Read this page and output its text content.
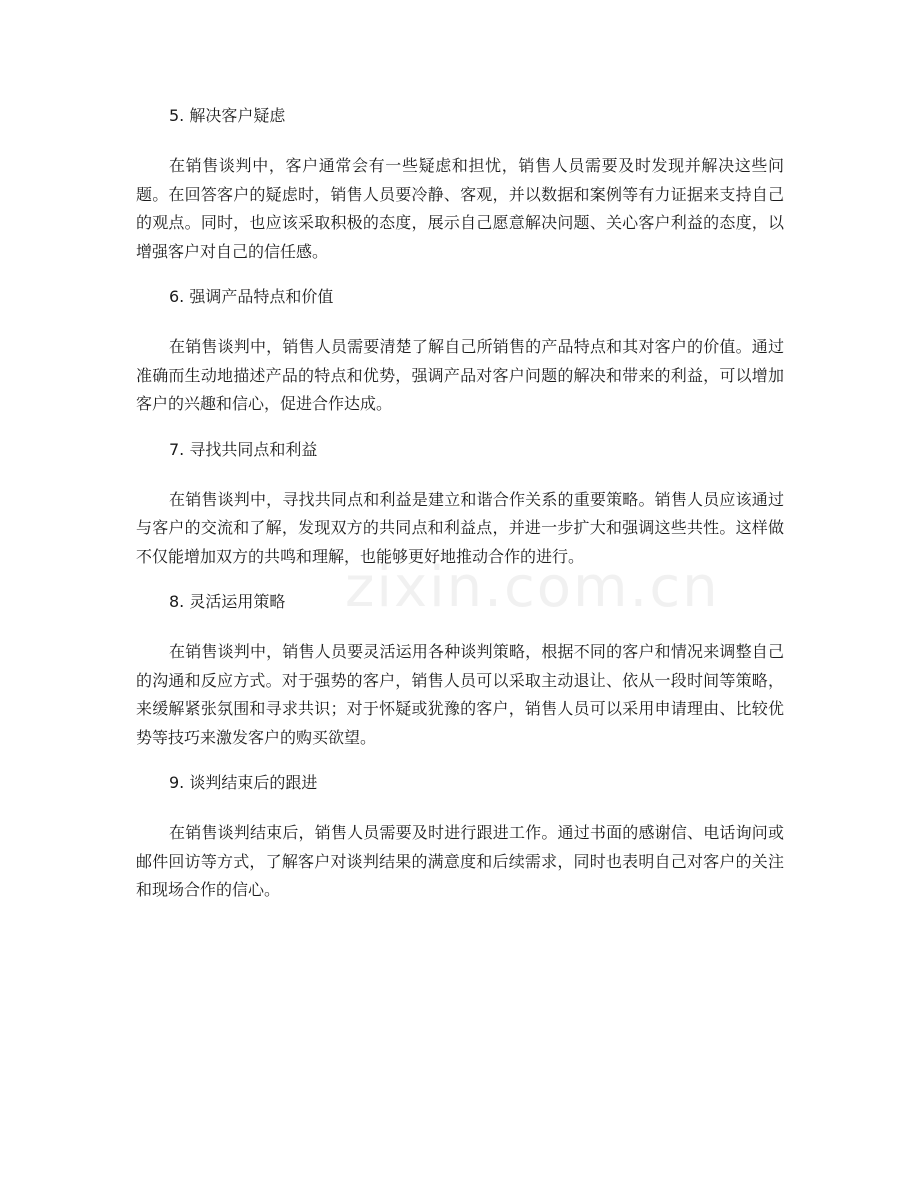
zixin.com.cn

5. 解决客户疑虑

在销售谈判中，客户通常会有一些疑虑和担忧，销售人员需要及时发现并解决这些问题。在回答客户的疑虑时，销售人员要冷静、客观，并以数据和案例等有力证据来支持自己的观点。同时，也应该采取积极的态度，展示自己愿意解决问题、关心客户利益的态度，以增强客户对自己的信任感。

6. 强调产品特点和价值

在销售谈判中，销售人员需要清楚了解自己所销售的产品特点和其对客户的价值。通过准确而生动地描述产品的特点和优势，强调产品对客户问题的解决和带来的利益，可以增加客户的兴趣和信心，促进合作达成。

7. 寻找共同点和利益

在销售谈判中，寻找共同点和利益是建立和谐合作关系的重要策略。销售人员应该通过与客户的交流和了解，发现双方的共同点和利益点，并进一步扩大和强调这些共性。这样做不仅能增加双方的共鸣和理解，也能够更好地推动合作的进行。

8. 灵活运用策略

在销售谈判中，销售人员要灵活运用各种谈判策略，根据不同的客户和情况来调整自己的沟通和反应方式。对于强势的客户，销售人员可以采取主动退让、依从一段时间等策略，来缓解紧张氛围和寻求共识；对于怀疑或犹豫的客户，销售人员可以采用申请理由、比较优势等技巧来激发客户的购买欲望。

9. 谈判结束后的跟进

在销售谈判结束后，销售人员需要及时进行跟进工作。通过书面的感谢信、电话询问或邮件回访等方式，了解客户对谈判结果的满意度和后续需求，同时也表明自己对客户的关注和现场合作的信心。
